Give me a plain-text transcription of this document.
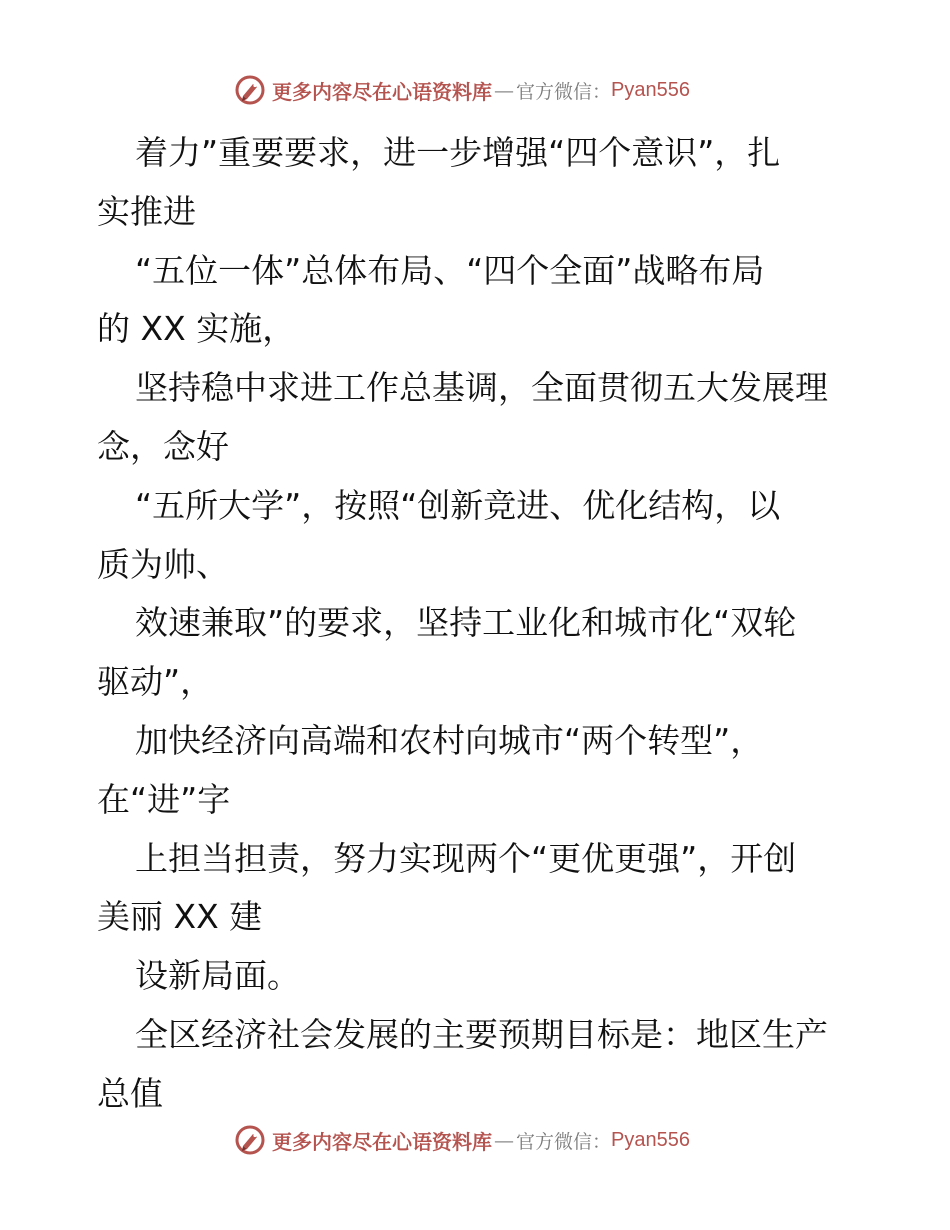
更多内容尽在心语资料库 — 官方微信： Pyan556
着力”重要要求，进一步增强“四个意识”，扎
实推进
“五位一体”总体布局、“四个全面”战略布局
的 XX 实施，
坚持稳中求进工作总基调，全面贯彻五大发展理
念，念好
“五所大学”，按照“创新竞进、优化结构，以
质为帅、
效速兼取”的要求，坚持工业化和城市化“双轮
驱动”，
加快经济向高端和农村向城市“两个转型”，
在“进”字
上担当担责，努力实现两个“更优更强”，开创
美丽 XX 建
设新局面。
全区经济社会发展的主要预期目标是：地区生产
总值
更多内容尽在心语资料库 — 官方微信： Pyan556
